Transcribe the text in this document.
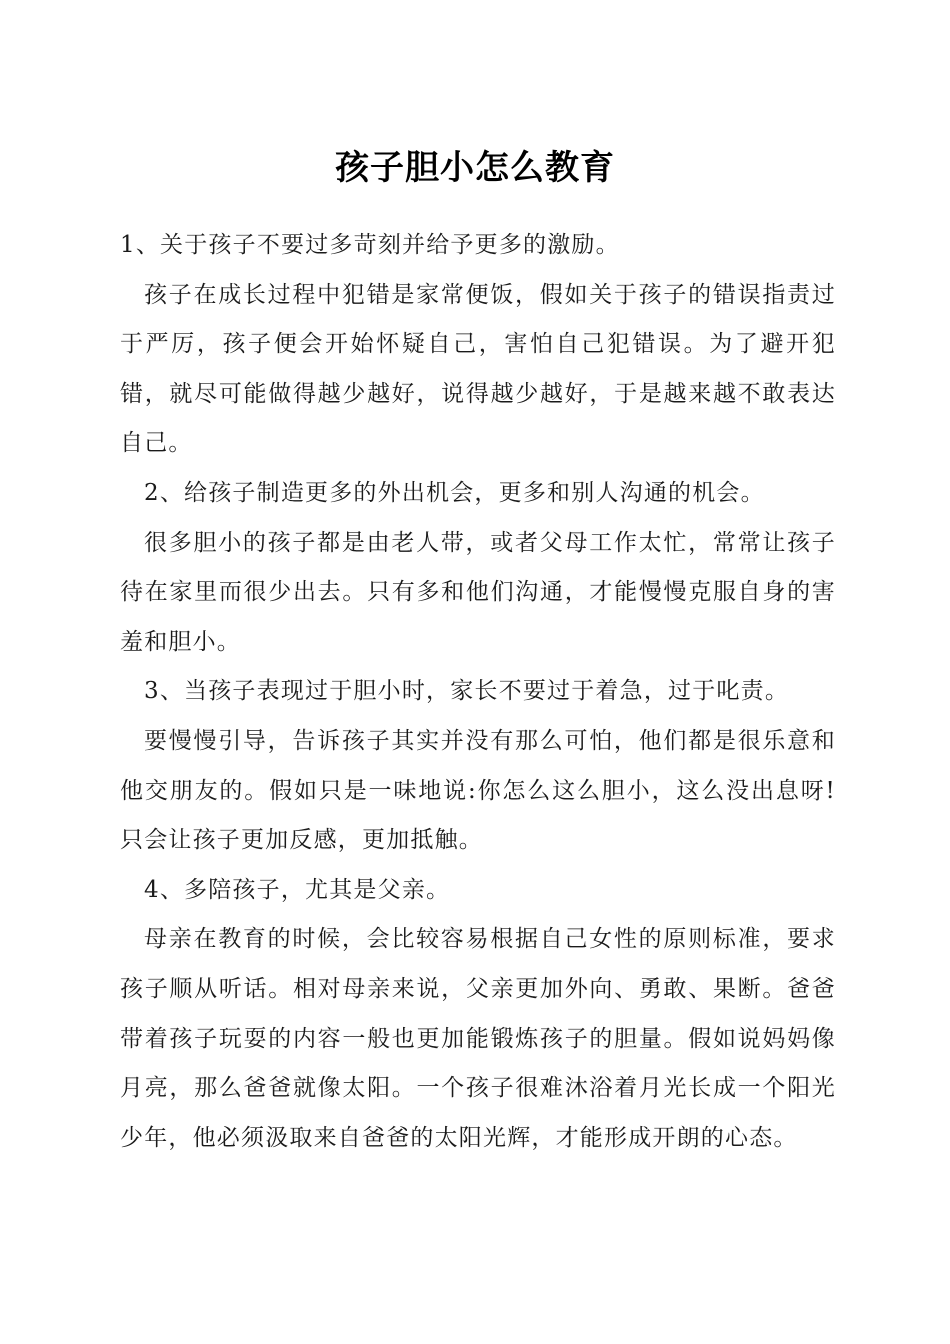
孩子胆小怎么教育

1、关于孩子不要过多苛刻并给予更多的激励。

孩子在成长过程中犯错是家常便饭，假如关于孩子的错误指责过于严厉，孩子便会开始怀疑自己，害怕自己犯错误。为了避开犯错，就尽可能做得越少越好，说得越少越好，于是越来越不敢表达自己。

2、给孩子制造更多的外出机会，更多和别人沟通的机会。

很多胆小的孩子都是由老人带，或者父母工作太忙，常常让孩子待在家里而很少出去。只有多和他们沟通，才能慢慢克服自身的害羞和胆小。

3、当孩子表现过于胆小时，家长不要过于着急，过于叱责。

要慢慢引导，告诉孩子其实并没有那么可怕，他们都是很乐意和他交朋友的。假如只是一味地说:你怎么这么胆小，这么没出息呀!只会让孩子更加反感，更加抵触。

4、多陪孩子，尤其是父亲。

母亲在教育的时候，会比较容易根据自己女性的原则标准，要求孩子顺从听话。相对母亲来说，父亲更加外向、勇敢、果断。爸爸带着孩子玩耍的内容一般也更加能锻炼孩子的胆量。假如说妈妈像月亮，那么爸爸就像太阳。一个孩子很难沐浴着月光长成一个阳光少年，他必须汲取来自爸爸的太阳光辉，才能形成开朗的心态。
